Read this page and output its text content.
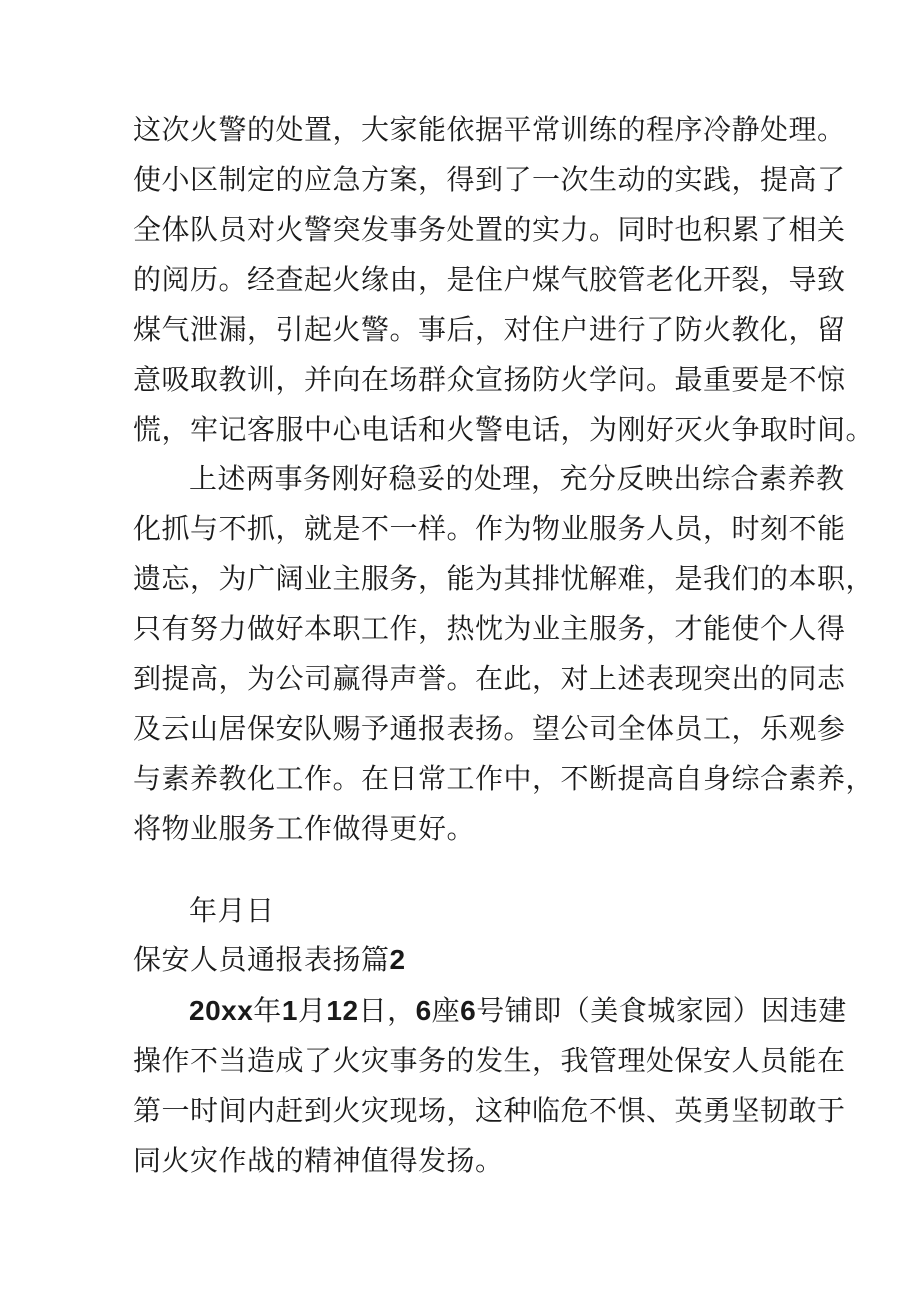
这次火警的处置，大家能依据平常训练的程序冷静处理。
使小区制定的应急方案，得到了一次生动的实践，提高了
全体队员对火警突发事务处置的实力。同时也积累了相关
的阅历。经查起火缘由，是住户煤气胶管老化开裂，导致
煤气泄漏，引起火警。事后，对住户进行了防火教化，留
意吸取教训，并向在场群众宣扬防火学问。最重要是不惊
慌，牢记客服中心电话和火警电话，为刚好灭火争取时间。
上述两事务刚好稳妥的处理，充分反映出综合素养教
化抓与不抓，就是不一样。作为物业服务人员，时刻不能
遗忘，为广阔业主服务，能为其排忧解难，是我们的本职，
只有努力做好本职工作，热忱为业主服务，才能使个人得
到提高，为公司赢得声誉。在此，对上述表现突出的同志
及云山居保安队赐予通报表扬。望公司全体员工，乐观参
与素养教化工作。在日常工作中，不断提高自身综合素养，
将物业服务工作做得更好。
年月日
保安人员通报表扬篇2
20xx年1月12日，6座6号铺即（美食城家园）因违建
操作不当造成了火灾事务的发生，我管理处保安人员能在
第一时间内赶到火灾现场，这种临危不惧、英勇坚韧敢于
同火灾作战的精神值得发扬。
